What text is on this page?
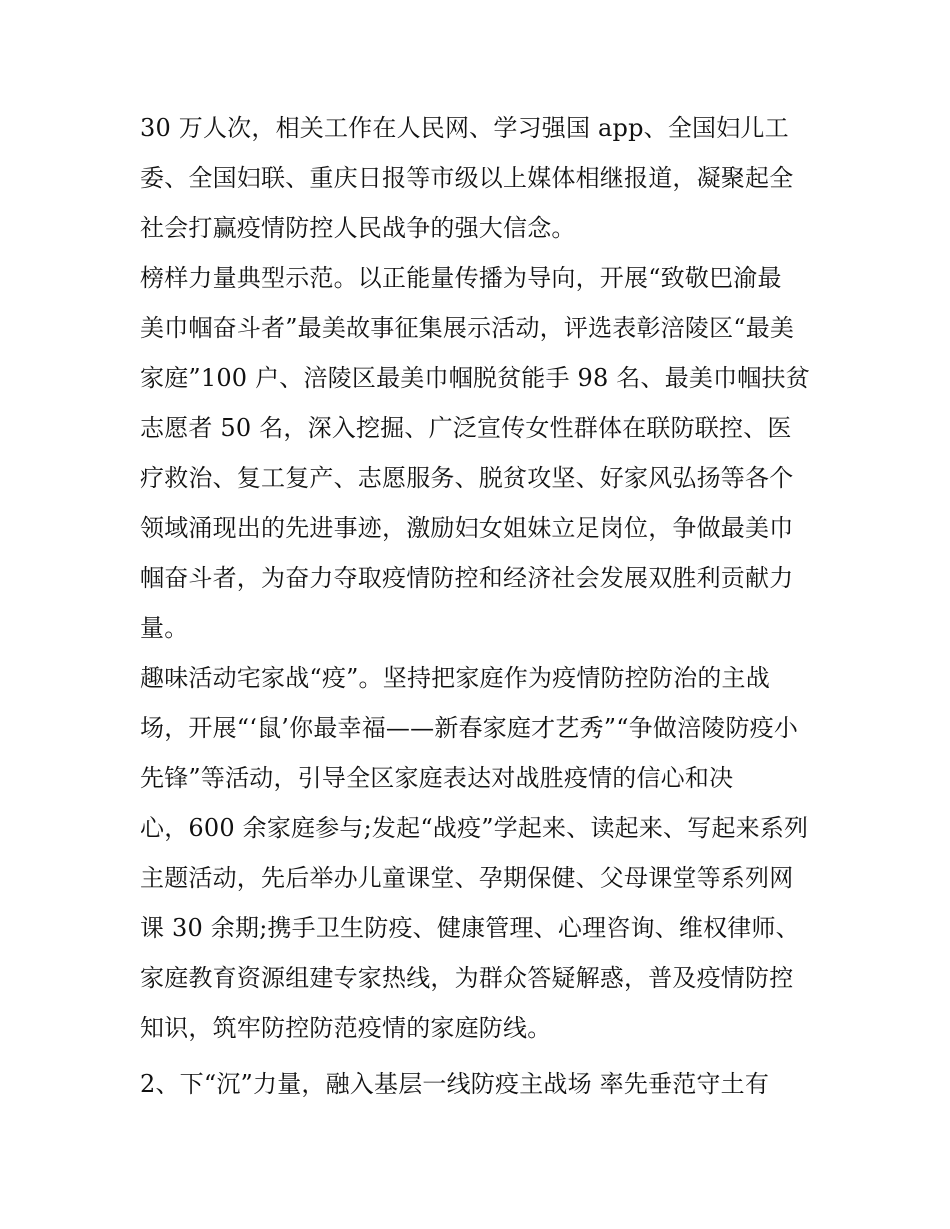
30 万人次，相关工作在人民网、学习强国 app、全国妇儿工
委、全国妇联、重庆日报等市级以上媒体相继报道，凝聚起全
社会打赢疫情防控人民战争的强大信念。
榜样力量典型示范。以正能量传播为导向，开展“致敬巴渝最
美巾帼奋斗者”最美故事征集展示活动，评选表彰涪陵区“最美
家庭”100 户、涪陵区最美巾帼脱贫能手 98 名、最美巾帼扶贫
志愿者 50 名，深入挖掘、广泛宣传女性群体在联防联控、医
疗救治、复工复产、志愿服务、脱贫攻坚、好家风弘扬等各个
领域涌现出的先进事迹，激励妇女姐妹立足岗位，争做最美巾
帼奋斗者，为奋力夺取疫情防控和经济社会发展双胜利贡献力
量。
趣味活动宅家战“疫”。坚持把家庭作为疫情防控防治的主战
场，开展“‘鼠’你最幸福——新春家庭才艺秀”“争做涪陵防疫小
先锋”等活动，引导全区家庭表达对战胜疫情的信心和决
心，600 余家庭参与;发起“战疫”学起来、读起来、写起来系列
主题活动，先后举办儿童课堂、孕期保健、父母课堂等系列网
课 30 余期;携手卫生防疫、健康管理、心理咨询、维权律师、
家庭教育资源组建专家热线，为群众答疑解惑，普及疫情防控
知识，筑牢防控防范疫情的家庭防线。
2、下“沉”力量，融入基层一线防疫主战场 率先垂范守土有
